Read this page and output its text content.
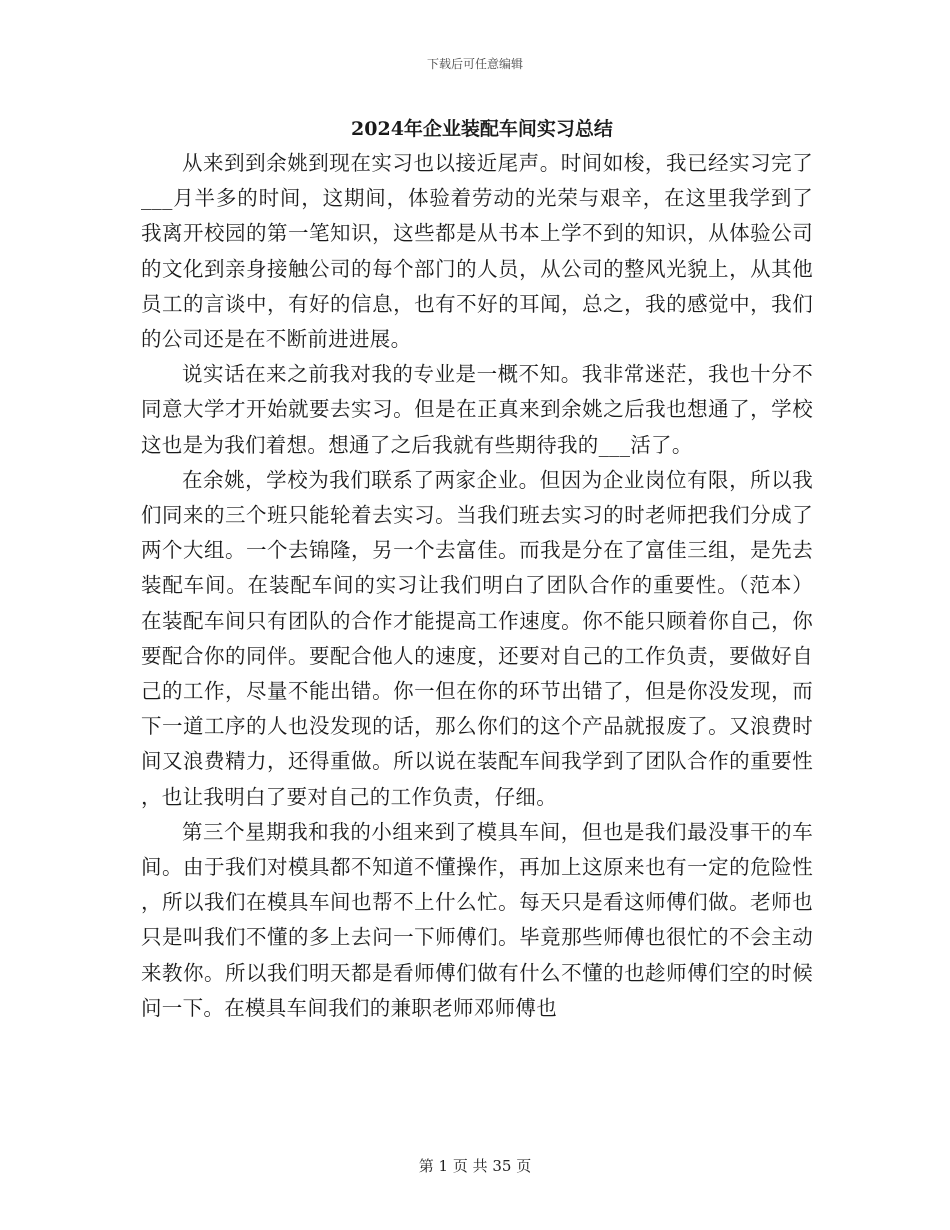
下载后可任意编辑
2024年企业装配车间实习总结

从来到到余姚到现在实习也以接近尾声。时间如梭，我已经实习完了___月半多的时间，这期间，体验着劳动的光荣与艰辛，在这里我学到了我离开校园的第一笔知识，这些都是从书本上学不到的知识，从体验公司的文化到亲身接触公司的每个部门的人员，从公司的整风光貌上，从其他员工的言谈中，有好的信息，也有不好的耳闻，总之，我的感觉中，我们的公司还是在不断前进进展。

说实话在来之前我对我的专业是一概不知。我非常迷茫，我也十分不同意大学才开始就要去实习。但是在正真来到余姚之后我也想通了，学校这也是为我们着想。想通了之后我就有些期待我的___活了。

在余姚，学校为我们联系了两家企业。但因为企业岗位有限，所以我们同来的三个班只能轮着去实习。当我们班去实习的时老师把我们分成了两个大组。一个去锦隆，另一个去富佳。而我是分在了富佳三组，是先去装配车间。在装配车间的实习让我们明白了团队合作的重要性。（范本）在装配车间只有团队的合作才能提高工作速度。你不能只顾着你自己，你要配合你的同伴。要配合他人的速度，还要对自己的工作负责，要做好自己的工作，尽量不能出错。你一但在你的环节出错了，但是你没发现，而下一道工序的人也没发现的话，那么你们的这个产品就报废了。又浪费时间又浪费精力，还得重做。所以说在装配车间我学到了团队合作的重要性，也让我明白了要对自己的工作负责，仔细。

第三个星期我和我的小组来到了模具车间，但也是我们最没事干的车间。由于我们对模具都不知道不懂操作，再加上这原来也有一定的危险性，所以我们在模具车间也帮不上什么忙。每天只是看这师傅们做。老师也只是叫我们不懂的多上去问一下师傅们。毕竟那些师傅也很忙的不会主动来教你。所以我们明天都是看师傅们做有什么不懂的也趁师傅们空的时候问一下。在模具车间我们的兼职老师邓师傅也

第 1 页 共 35 页
